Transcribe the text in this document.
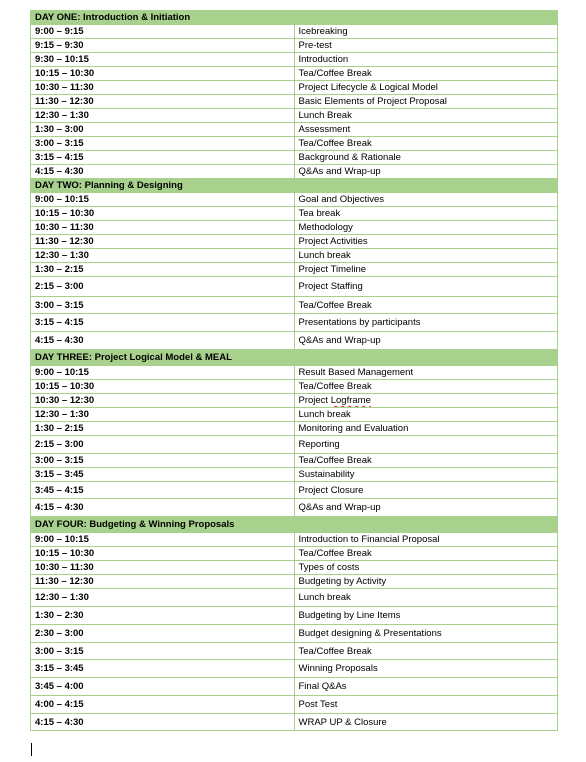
DAY ONE: Introduction & Initiation	
9:00 – 9:15	Icebreaking
9:15 – 9:30	Pre-test
9:30 – 10:15	Introduction
10:15 – 10:30	Tea/Coffee Break
10:30 – 11:30	Project Lifecycle & Logical Model
11:30 – 12:30	Basic Elements of Project Proposal
12:30 – 1:30	Lunch Break
1:30 – 3:00	Assessment
3:00 – 3:15	Tea/Coffee Break
3:15 – 4:15	Background & Rationale
4:15 – 4:30	Q&As and Wrap-up
DAY TWO: Planning & Designing	
9:00 – 10:15	Goal and Objectives
10:15 – 10:30	Tea break
10:30 – 11:30	Methodology
11:30 – 12:30	Project Activities
12:30 – 1:30	Lunch break
1:30 – 2:15	Project Timeline
2:15 – 3:00	Project Staffing
3:00 – 3:15	Tea/Coffee Break
3:15 – 4:15	Presentations by participants
4:15 – 4:30	Q&As and Wrap-up
DAY THREE: Project Logical Model & MEAL	
9:00 – 10:15	Result Based Management
10:15 – 10:30	Tea/Coffee Break
10:30 – 12:30	Project Logframe
12:30 – 1:30	Lunch break
1:30 – 2:15	Monitoring and Evaluation
2:15 – 3:00	Reporting
3:00 – 3:15	Tea/Coffee Break
3:15 – 3:45	Sustainability
3:45 – 4:15	Project Closure
4:15 – 4:30	Q&As and Wrap-up
DAY FOUR: Budgeting & Winning Proposals	
9:00 – 10:15	Introduction to Financial Proposal
10:15 – 10:30	Tea/Coffee Break
10:30 – 11:30	Types of costs
11:30 – 12:30	Budgeting by Activity
12:30 – 1:30	Lunch break
1:30 – 2:30	Budgeting by Line Items
2:30 – 3:00	Budget designing & Presentations
3:00 – 3:15	Tea/Coffee Break
3:15 – 3:45	Winning Proposals
3:45 – 4:00	Final Q&As
4:00 – 4:15	Post Test
4:15 – 4:30	WRAP UP & Closure
